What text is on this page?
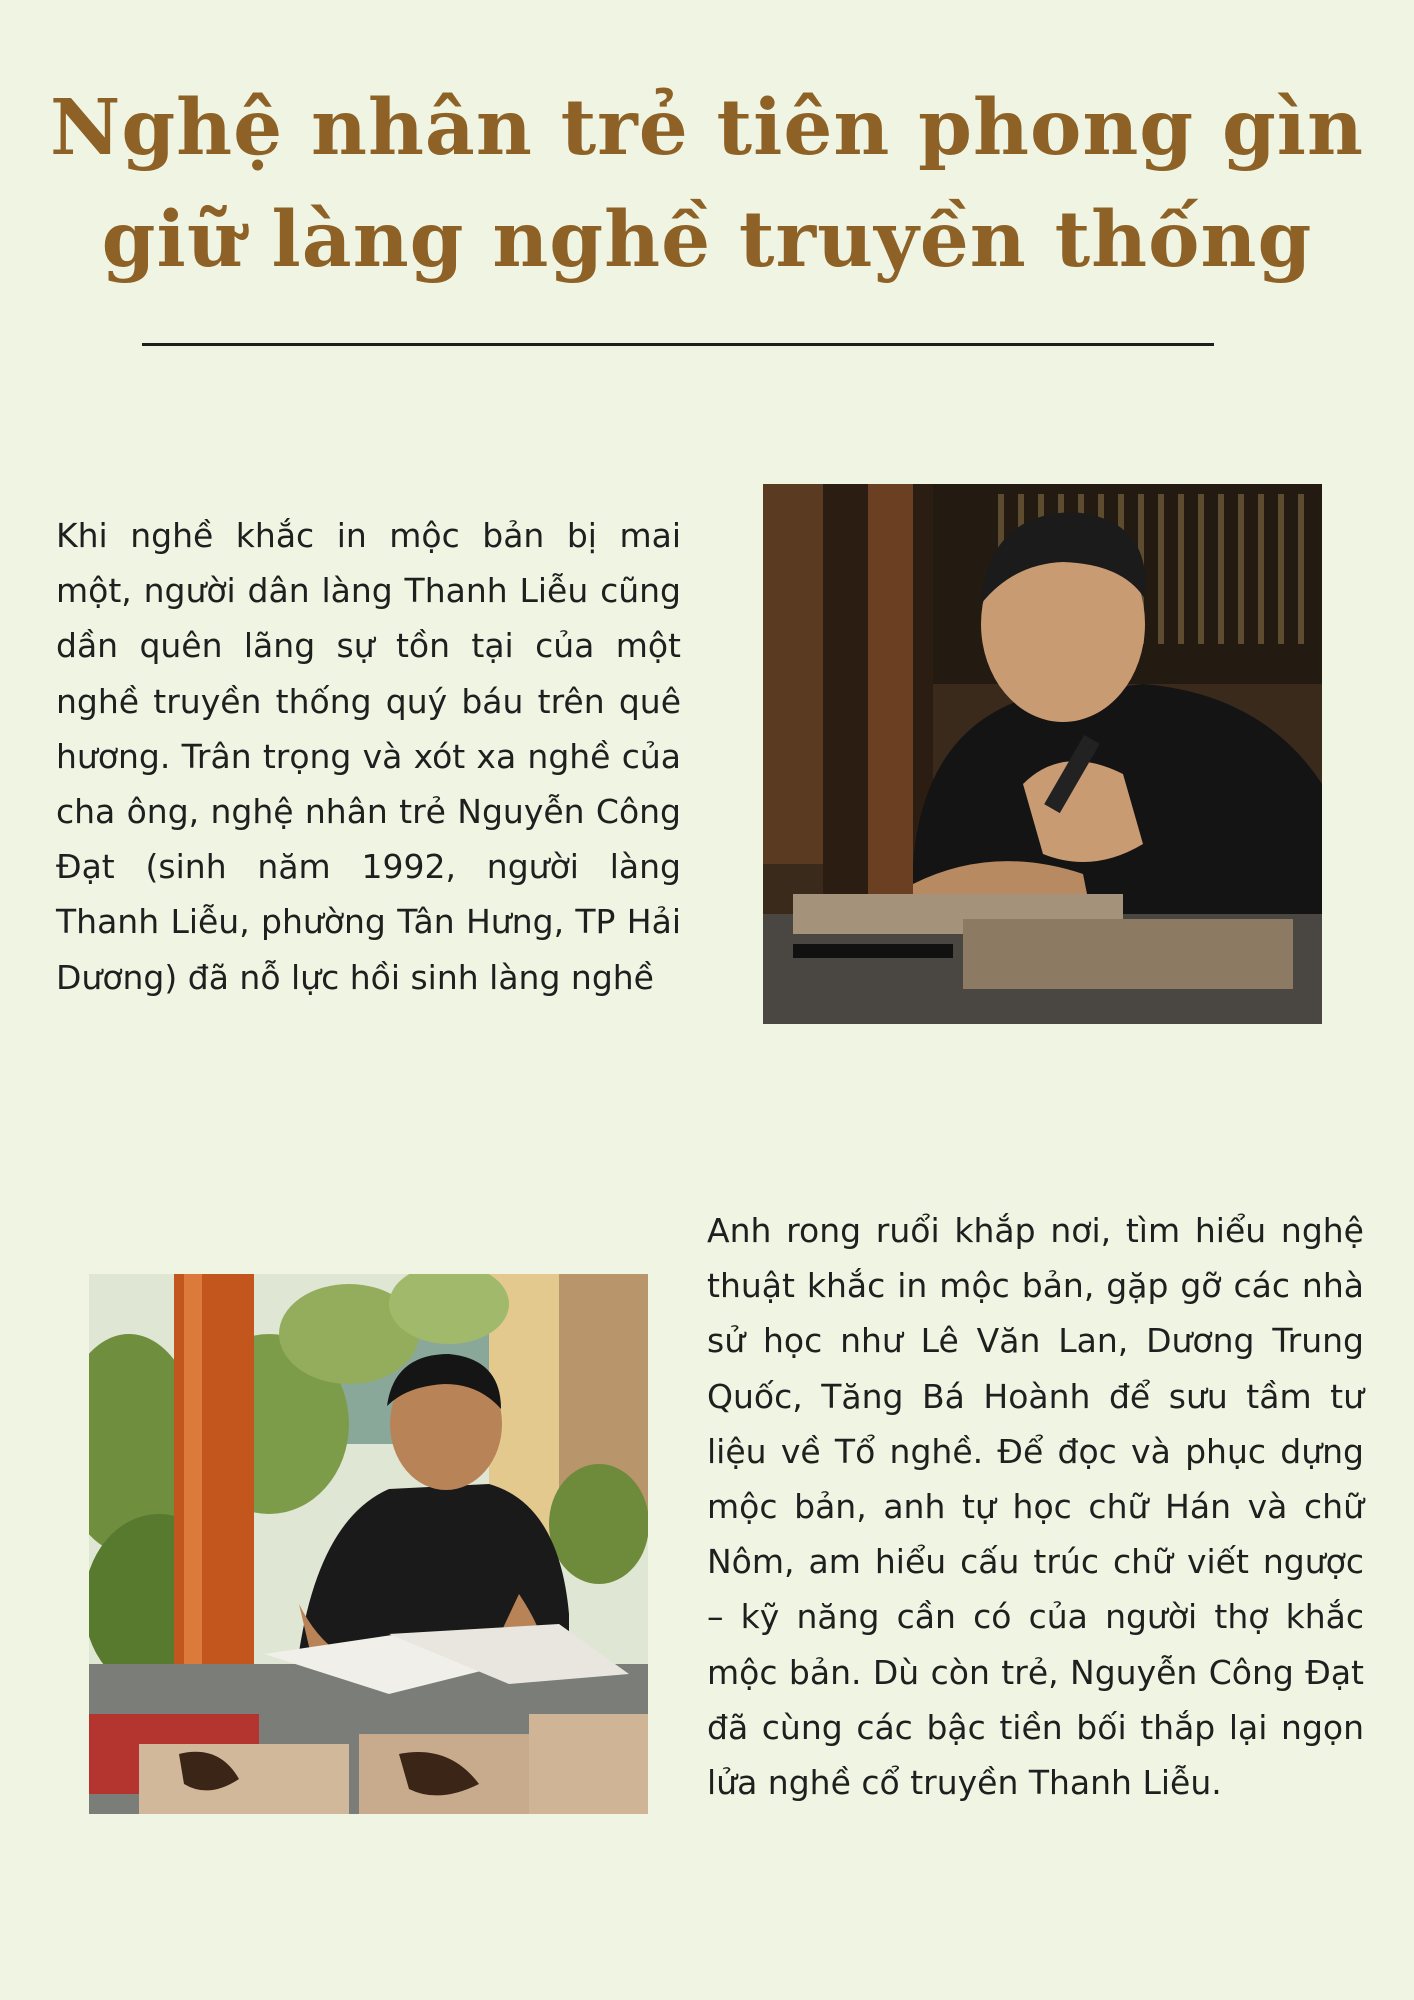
Nghệ nhân trẻ tiên phong gìn giữ làng nghề truyền thống

Khi nghề khắc in mộc bản bị mai một, người dân làng Thanh Liễu cũng dần quên lãng sự tồn tại của một nghề truyền thống quý báu trên quê hương. Trân trọng và xót xa nghề của cha ông, nghệ nhân trẻ Nguyễn Công Đạt (sinh năm 1992, người làng Thanh Liễu, phường Tân Hưng, TP Hải Dương) đã nỗ lực hồi sinh làng nghề

Anh rong ruổi khắp nơi, tìm hiểu nghệ thuật khắc in mộc bản, gặp gỡ các nhà sử học như Lê Văn Lan, Dương Trung Quốc, Tăng Bá Hoành để sưu tầm tư liệu về Tổ nghề. Để đọc và phục dựng mộc bản, anh tự học chữ Hán và chữ Nôm, am hiểu cấu trúc chữ viết ngược – kỹ năng cần có của người thợ khắc mộc bản. Dù còn trẻ, Nguyễn Công Đạt đã cùng các bậc tiền bối thắp lại ngọn lửa nghề cổ truyền Thanh Liễu.
